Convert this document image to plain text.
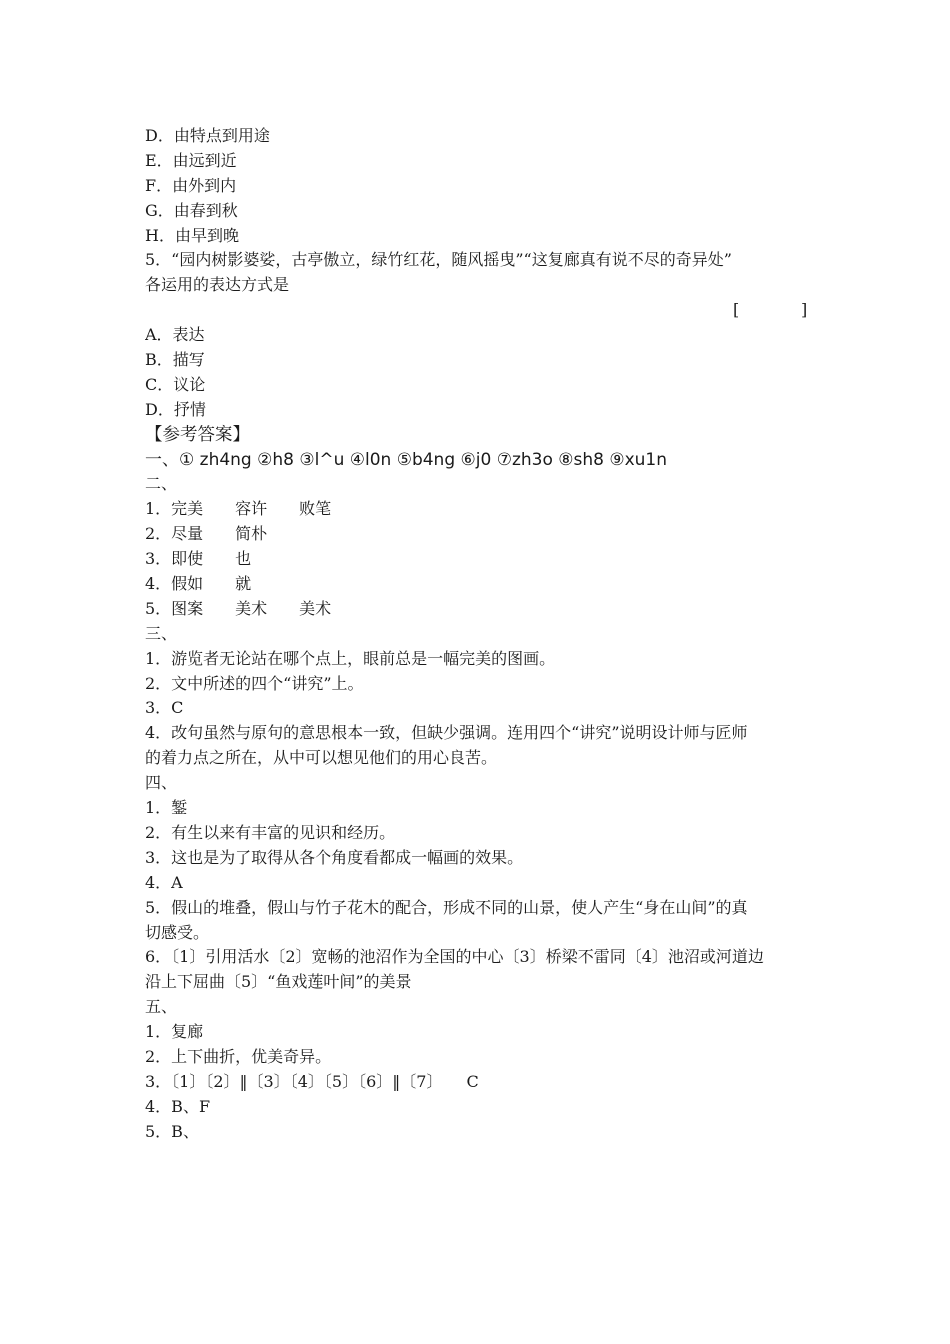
D．由特点到用途
E．由远到近
F．由外到内
G．由春到秋
H．由早到晚
5．“园内树影婆娑，古亭傲立，绿竹红花，随风摇曳”“这复廊真有说不尽的奇异处”
各运用的表达方式是
[	]
A．表达
B．描写
C．议论
D．抒情
【参考答案】
一、① zh4ng ②h8 ③l^u ④l0n ⑤b4ng ⑥j0 ⑦zh3o ⑧sh8 ⑨xu1n
二、
1．完美　　容许　　败笔
2．尽量　　简朴
3．即使　　也
4．假如　　就
5．图案　　美术　　美术
三、
1．游览者无论站在哪个点上，眼前总是一幅完美的图画。
2．文中所述的四个“讲究”上。
3．C
4．改句虽然与原句的意思根本一致，但缺少强调。连用四个“讲究”说明设计师与匠师
的着力点之所在，从中可以想见他们的用心良苦。
四、
1．錾
2．有生以来有丰富的见识和经历。
3．这也是为了取得从各个角度看都成一幅画的效果。
4．A
5．假山的堆叠，假山与竹子花木的配合，形成不同的山景，使人产生“身在山间”的真
切感受。
6．〔1〕引用活水〔2〕宽畅的池沼作为全国的中心〔3〕桥梁不雷同〔4〕池沼或河道边
沿上下屈曲〔5〕“鱼戏莲叶间”的美景
五、
1．复廊
2．上下曲折，优美奇异。
3．〔1〕〔2〕‖〔3〕〔4〕〔5〕〔6〕‖〔7〕　　C
4．B、F
5．B、
